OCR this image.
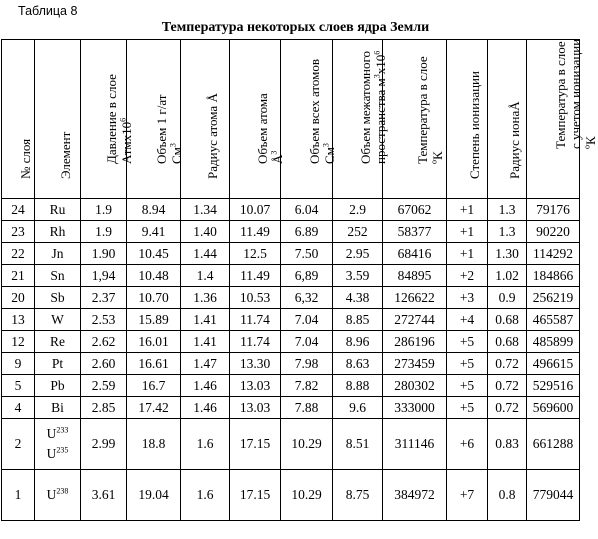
Таблица 8
Температура некоторых слоев ядра Земли
№ слоя	Элемент	Давление в слое
$Атмх10^6$	Объем 1 г/ат
$См^3$	Радиус атома Å	Объем атома
$Å^3$	Объем всех атомов
$См^3$	Объем межатомного
пространства $м^3х10^6$	Температура в слое
$^o$К	Степень ионизации	Радиус ионаÅ	Температура в слое
с учетом ионизации
$^o$К

24	Ru	1.9	8.94	1.34	10.07	6.04	2.9	67062	+1	1.3	79176
23	Rh	1.9	9.41	1.40	11.49	6.89	252	58377	+1	1.3	90220
22	Jn	1.90	10.45	1.44	12.5	7.50	2.95	68416	+1	1.30	114292
21	Sn	1,94	10.48	1.4	11.49	6,89	3.59	84895	+2	1.02	184866
20	Sb	2.37	10.70	1.36	10.53	6,32	4.38	126622	+3	0.9	256219
13	W	2.53	15.89	1.41	11.74	7.04	8.85	272744	+4	0.68	465587
12	Re	2.62	16.01	1.41	11.74	7.04	8.96	286196	+5	0.68	485899
9	Pt	2.60	16.61	1.47	13.30	7.98	8.63	273459	+5	0.72	496615
5	Pb	2.59	16.7	1.46	13.03	7.82	8.88	280302	+5	0.72	529516
4	Bi	2.85	17.42	1.46	13.03	7.88	9.6	333000	+5	0.72	569600
2	$U^{233}$
$U^{235}$	2.99	18.8	1.6	17.15	10.29	8.51	311146	+6	0.83	661288
1	$U^{238}$	3.61	19.04	1.6	17.15	10.29	8.75	384972	+7	0.8	779044
